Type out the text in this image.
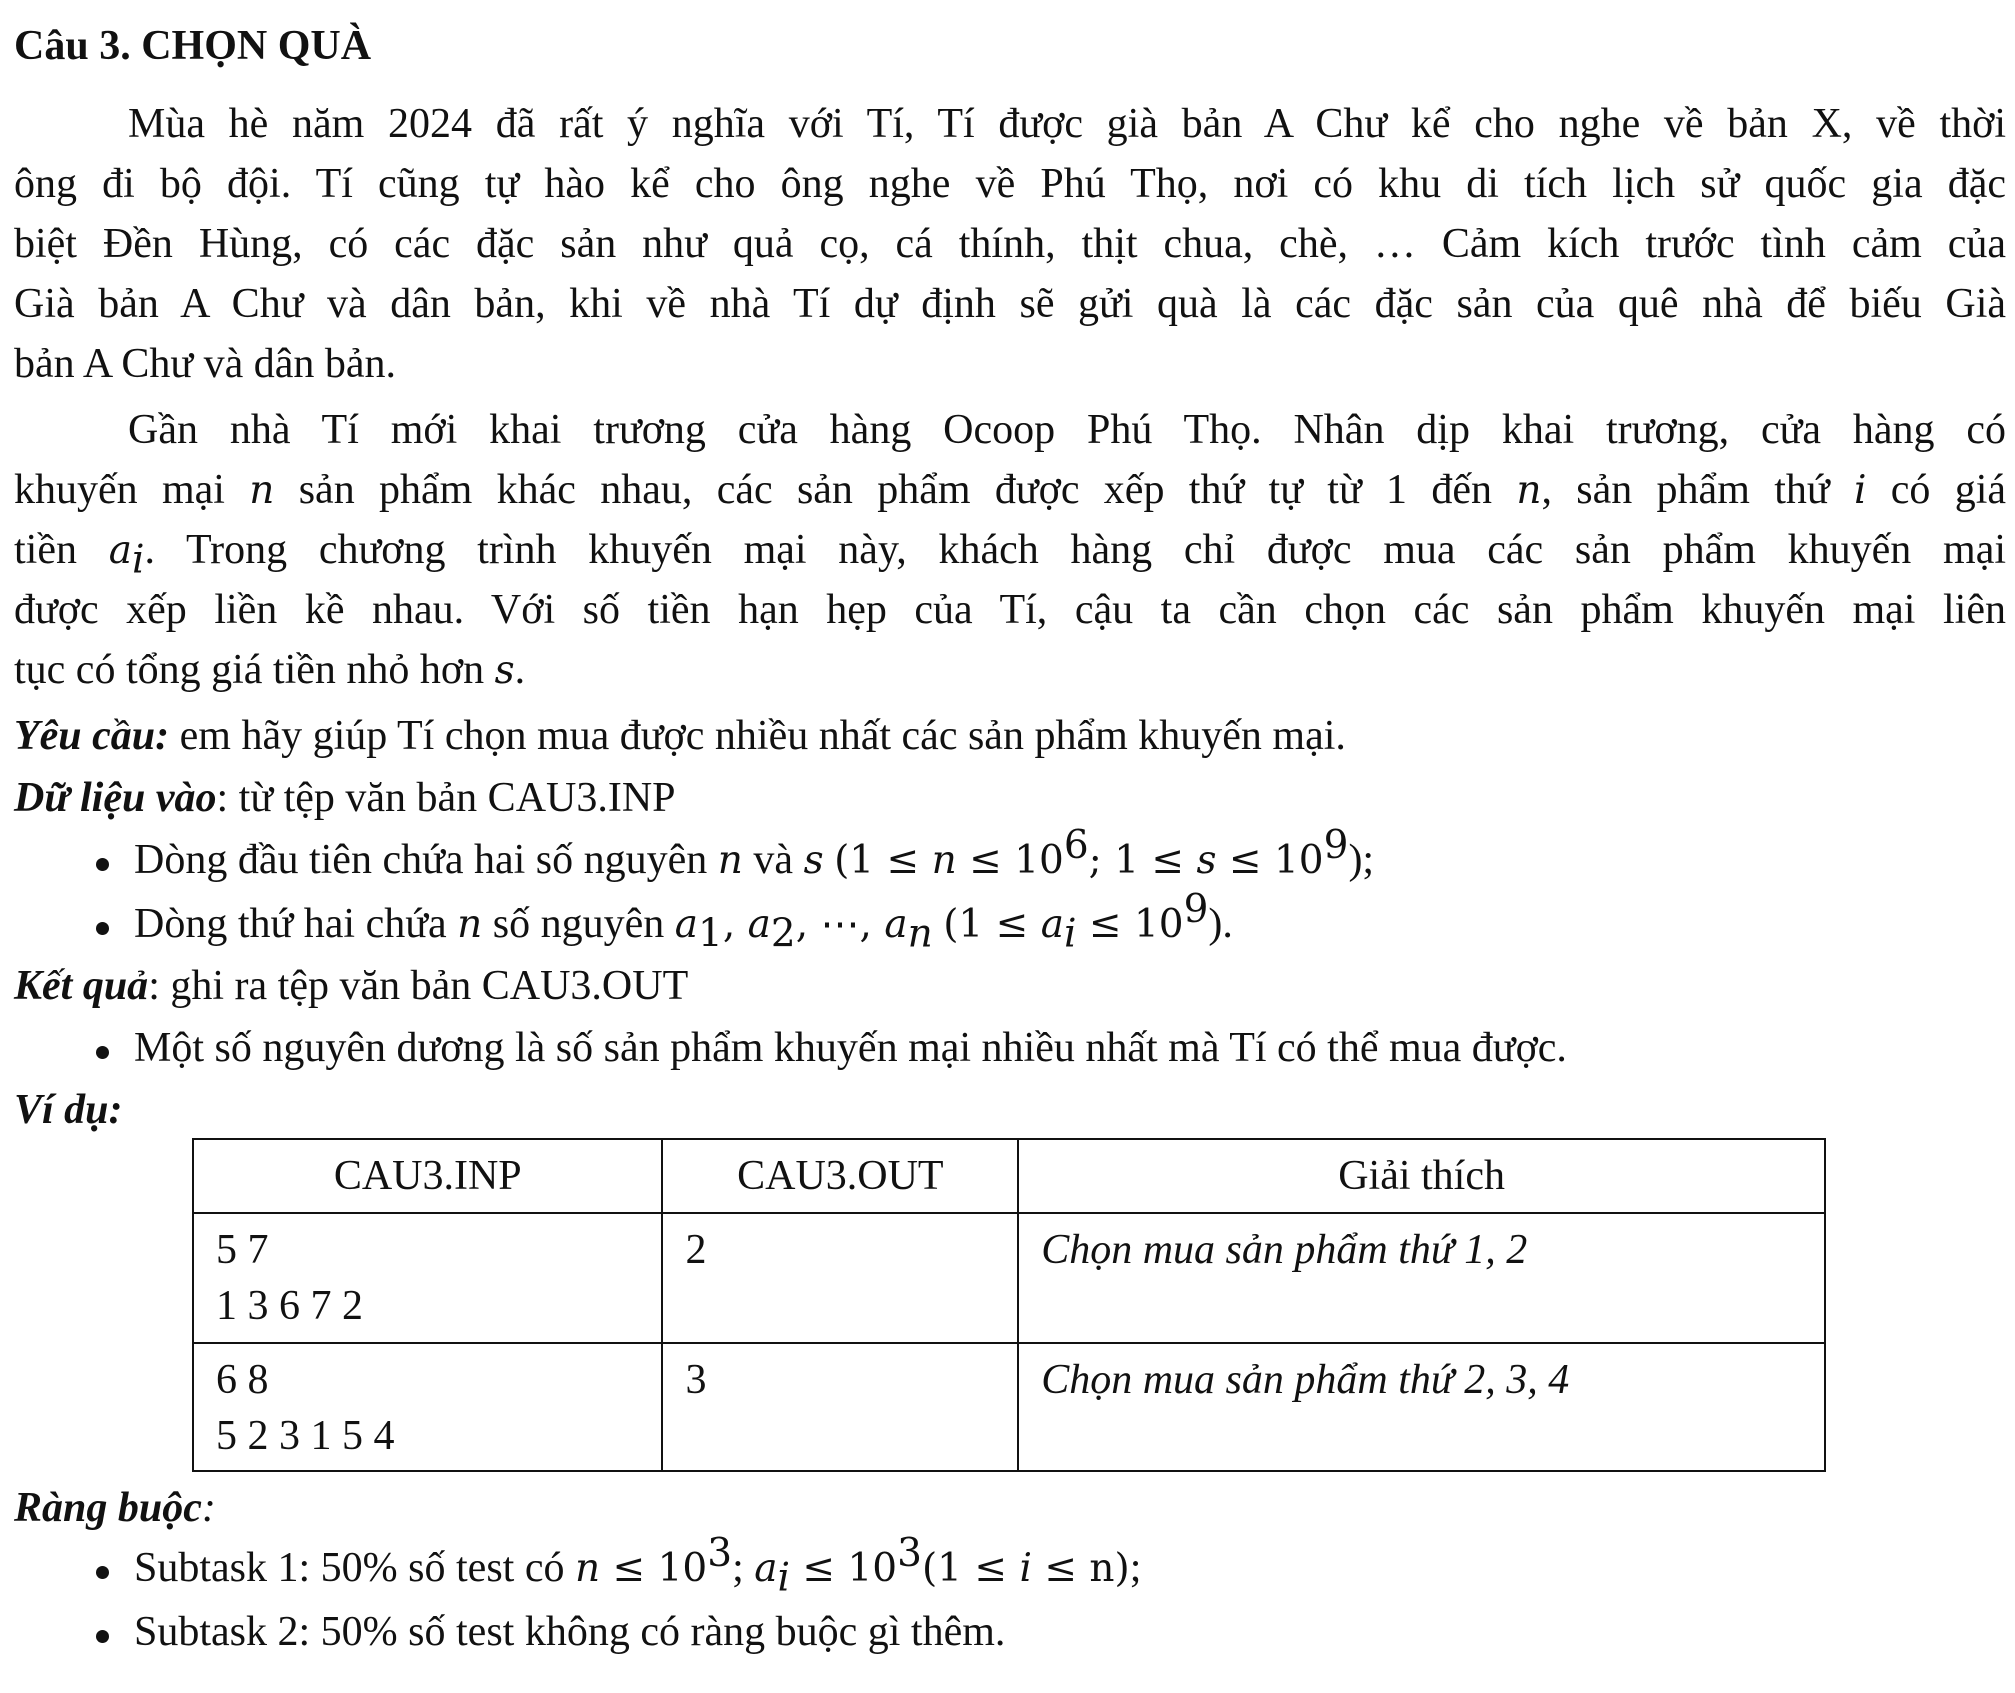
Câu 3. CHỌN QUÀ
Mùa hè năm 2024 đã rất ý nghĩa với Tí, Tí được già bản A Chư kể cho nghe về bản X, về thời
ông đi bộ đội. Tí cũng tự hào kể cho ông nghe về Phú Thọ, nơi có khu di tích lịch sử quốc gia đặc
biệt Đền Hùng, có các đặc sản như quả cọ, cá thính, thịt chua, chè, … Cảm kích trước tình cảm của
Già bản A Chư và dân bản, khi về nhà Tí dự định sẽ gửi quà là các đặc sản của quê nhà để biếu Già
bản A Chư và dân bản.
Gần nhà Tí mới khai trương cửa hàng Ocoop Phú Thọ. Nhân dịp khai trương, cửa hàng có
khuyến mại n sản phẩm khác nhau, các sản phẩm được xếp thứ tự từ 1 đến n, sản phẩm thứ i có giá
tiền $a_i$. Trong chương trình khuyến mại này, khách hàng chỉ được mua các sản phẩm khuyến mại
được xếp liền kề nhau. Với số tiền hạn hẹp của Tí, cậu ta cần chọn các sản phẩm khuyến mại liên
tục có tổng giá tiền nhỏ hơn s.
Yêu cầu: em hãy giúp Tí chọn mua được nhiều nhất các sản phẩm khuyến mại.
Dữ liệu vào: từ tệp văn bản CAU3.INP
Dòng đầu tiên chứa hai số nguyên n và s ($1 \le n \le 10^6$; $1 \le s \le 10^9$);
Dòng thứ hai chứa n số nguyên $a_1$, $a_2$, ⋯, $a_n$ $(1 \le a_i \le 10^9)$.
Kết quả: ghi ra tệp văn bản CAU3.OUT
Một số nguyên dương là số sản phẩm khuyến mại nhiều nhất mà Tí có thể mua được.
Ví dụ:
CAU3.INP	CAU3.OUT	Giải thích

5 7
1 3 6 7 2	2	Chọn mua sản phẩm thứ 1, 2

6 8
5 2 3 1 5 4	3	Chọn mua sản phẩm thứ 2, 3, 4
Ràng buộc:
Subtask 1: 50% số test có $n \le 10^3$; $a_i \le 10^3(1 \le i \le n)$;
Subtask 2: 50% số test không có ràng buộc gì thêm.
